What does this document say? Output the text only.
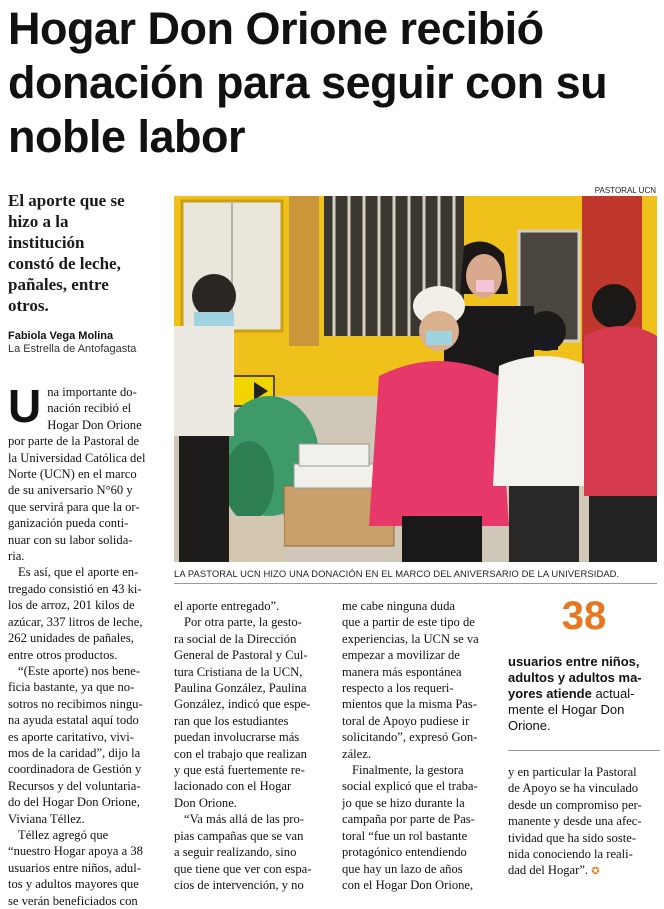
Hogar Don Orione recibió
donación para seguir con su
noble labor
El aporte que se
hizo a la
institución
constó de leche,
pañales, entre
otros.
Fabiola Vega Molina
La Estrella de Antofagasta
PASTORAL UCN
LA PASTORAL UCN HIZO UNA DONACIÓN EN EL MARCO DEL ANIVERSARIO DE LA UNIVERSIDAD.
U na importante do-
nación recibió el
Hogar Don Orione
por parte de la Pastoral de
la Universidad Católica del
Norte (UCN) en el marco
de su aniversario N°60 y
que servirá para que la or-
ganización pueda conti-
nuar con su labor solida-
ria.
Es así, que el aporte en-
tregado consistió en 43 ki-
los de arroz, 201 kilos de
azúcar, 337 litros de leche,
262 unidades de pañales,
entre otros productos.
“(Este aporte) nos bene-
ficia bastante, ya que no-
sotros no recibimos ningu-
na ayuda estatal aquí todo
es aporte caritativo, vivi-
mos de la caridad”, dijo la
coordinadora de Gestión y
Recursos y del voluntaria-
do del Hogar Don Orione,
Viviana Téllez.
Téllez agregó que
“nuestro Hogar apoya a 38
usuarios entre niños, adul-
tos y adultos mayores que
se verán beneficiados con
el aporte entregado”.
Por otra parte, la gesto-
ra social de la Dirección
General de Pastoral y Cul-
tura Cristiana de la UCN,
Paulina González, Paulina
González, indicó que espe-
ran que los estudiantes
puedan involucrarse más
con el trabajo que realizan
y que está fuertemente re-
lacionado con el Hogar
Don Orione.
“Va más allá de las pro-
pias campañas que se van
a seguir realizando, sino
que tiene que ver con espa-
cios de intervención, y no
me cabe ninguna duda
que a partir de este tipo de
experiencias, la UCN se va
empezar a movilizar de
manera más espontánea
respecto a los requeri-
mientos que la misma Pas-
toral de Apoyo pudiese ir
solicitando”, expresó Gon-
zález.
Finalmente, la gestora
social explicó que el traba-
jo que se hizo durante la
campaña por parte de Pas-
toral “fue un rol bastante
protagónico entendiendo
que hay un lazo de años
con el Hogar Don Orione,
38
usuarios entre niños,
adultos y adultos ma-
yores atiende actual-
mente el Hogar Don
Orione.
y en particular la Pastoral
de Apoyo se ha vinculado
desde un compromiso per-
manente y desde una afec-
tividad que ha sido soste-
nida conociendo la reali-
dad del Hogar”. ✪
